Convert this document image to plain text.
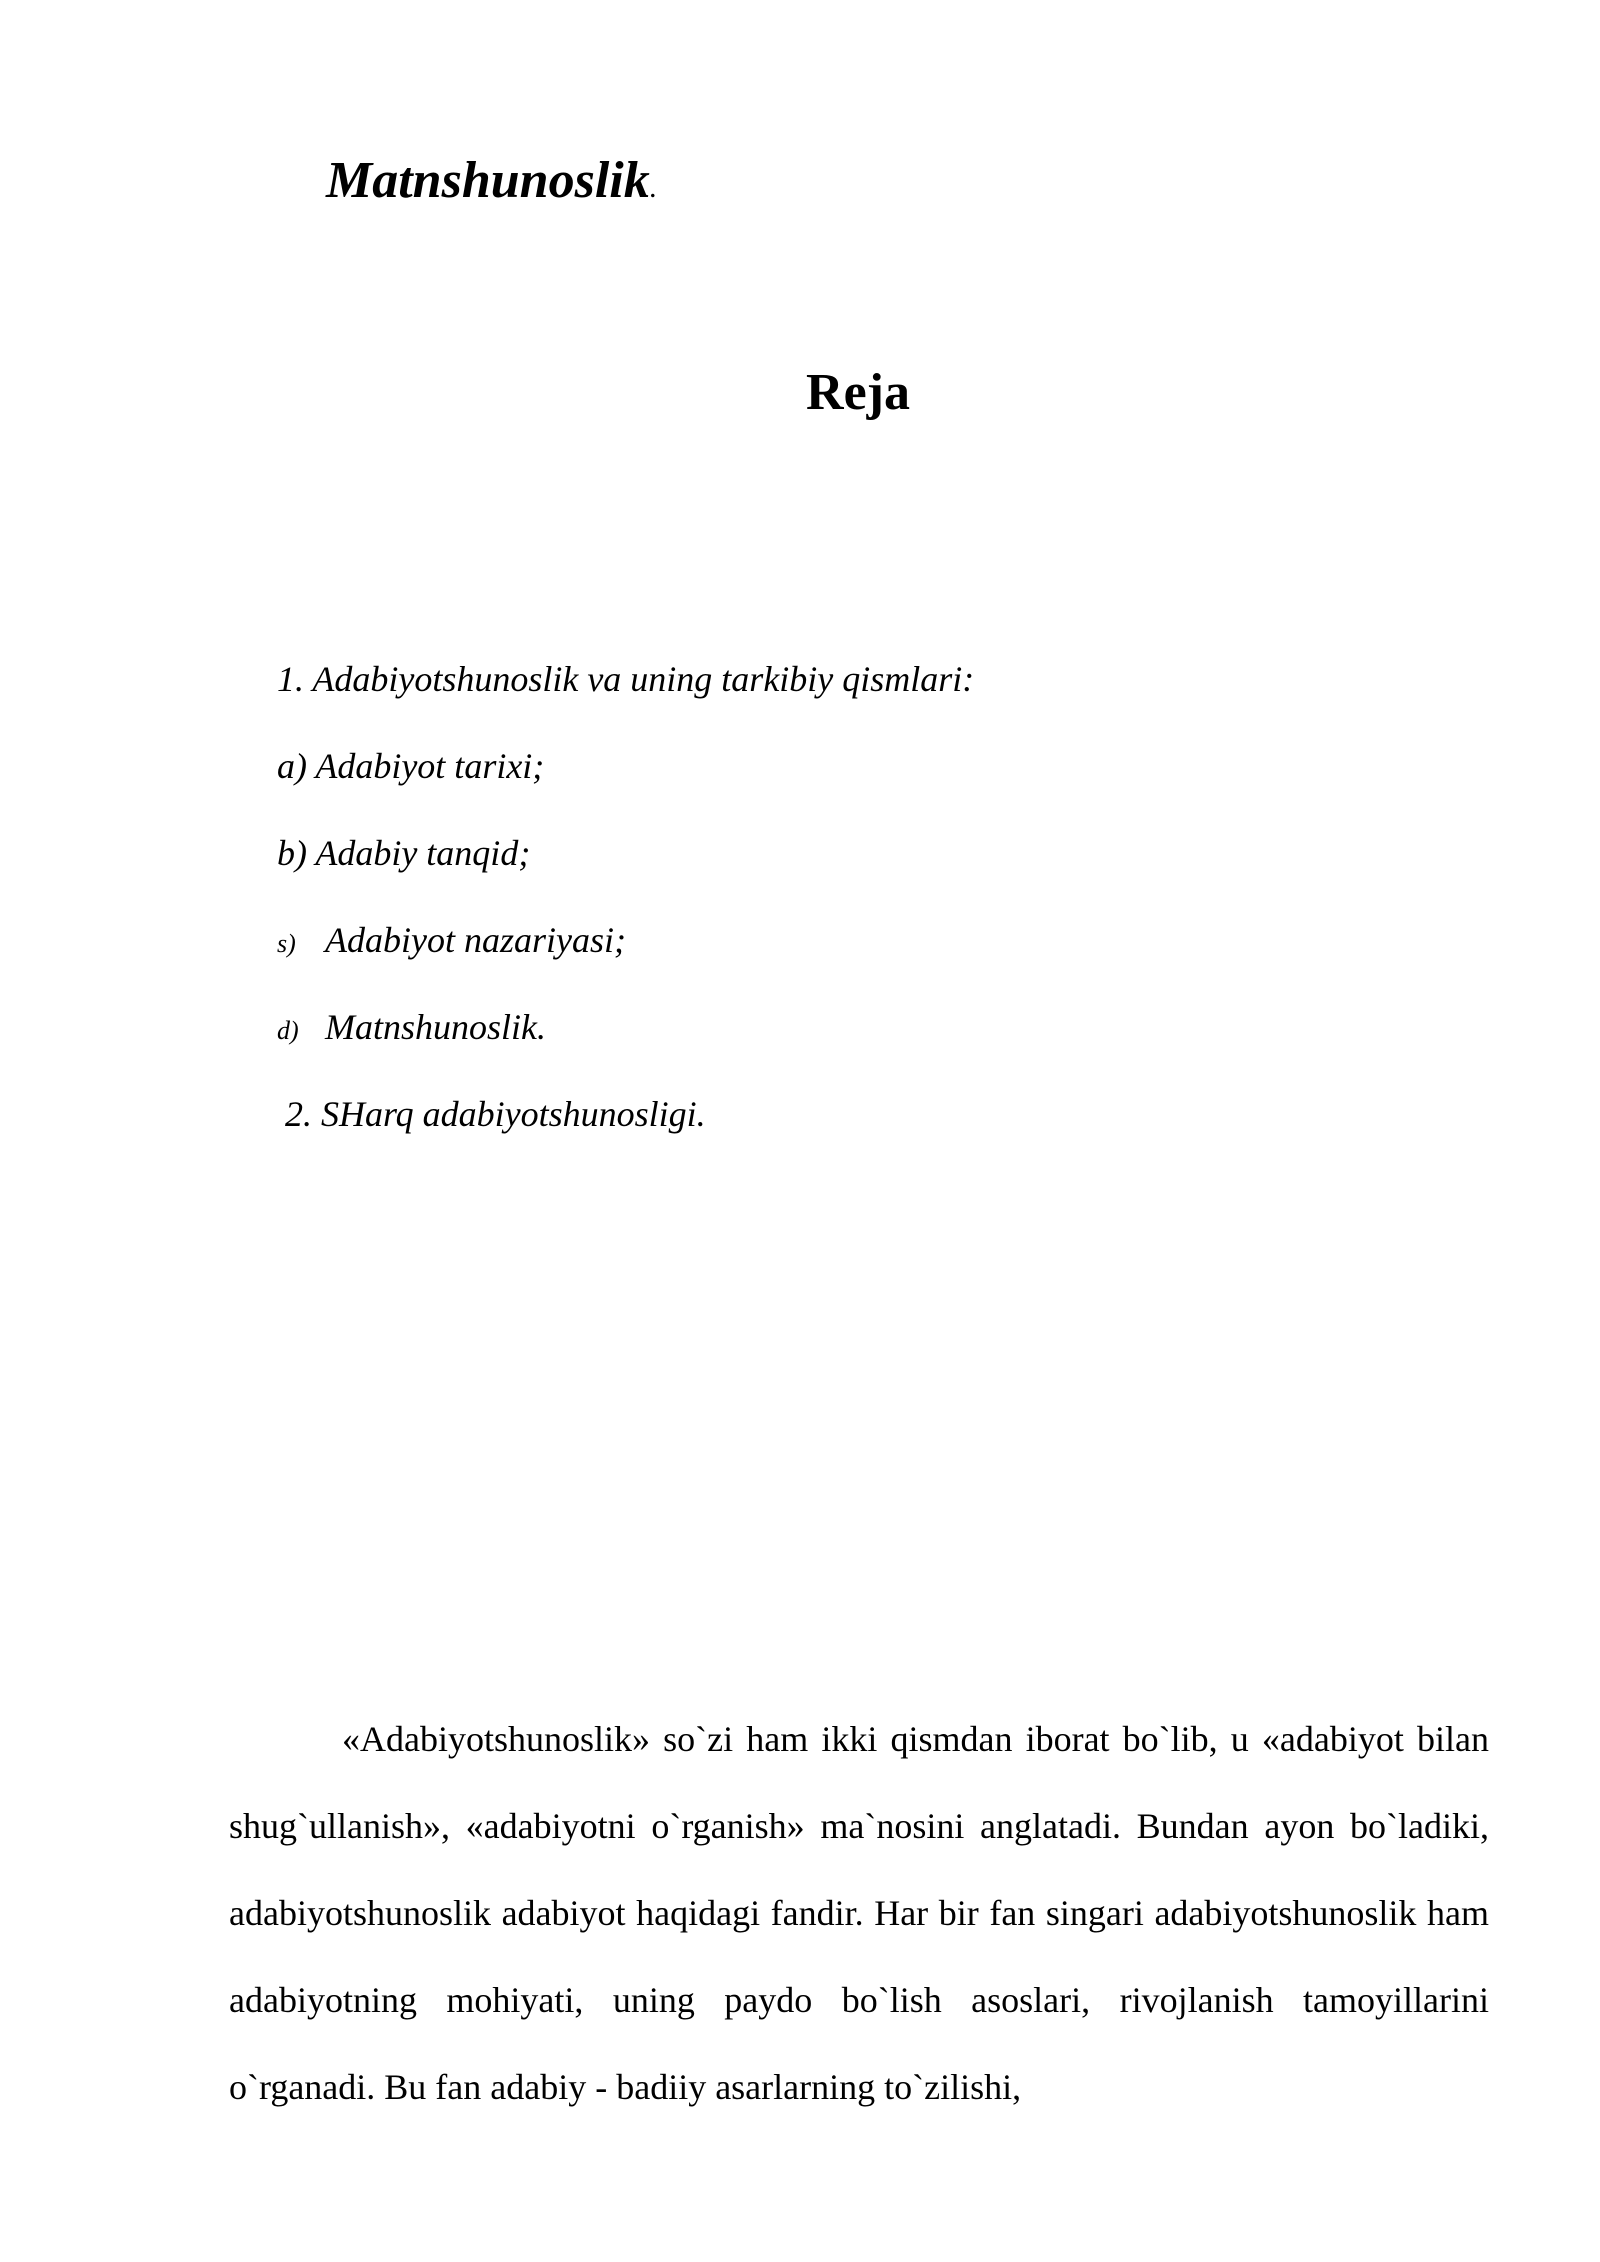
Matnshunoslik.
Reja
1. Adabiyotshunoslik va uning tarkibiy qismlari:
a) Adabiyot tarixi;
b) Adabiy tanqid;
s) Adabiyot nazariyasi;
d) Matnshunoslik.
2. SHarq adabiyotshunosligi.

«Adabiyotshunoslik» so`zi ham ikki qismdan iborat bo`lib, u «adabiyot bilan shug`ullanish», «adabiyotni o`rganish» ma`nosini anglatadi. Bundan ayon bo`ladiki, adabiyotshunoslik adabiyot haqidagi fandir. Har bir fan singari adabiyotshunoslik ham adabiyotning mohiyati, uning paydo bo`lish asoslari, rivojlanish tamoyillarini o`rganadi. Bu fan adabiy - badiiy asarlarning to`zilishi,
